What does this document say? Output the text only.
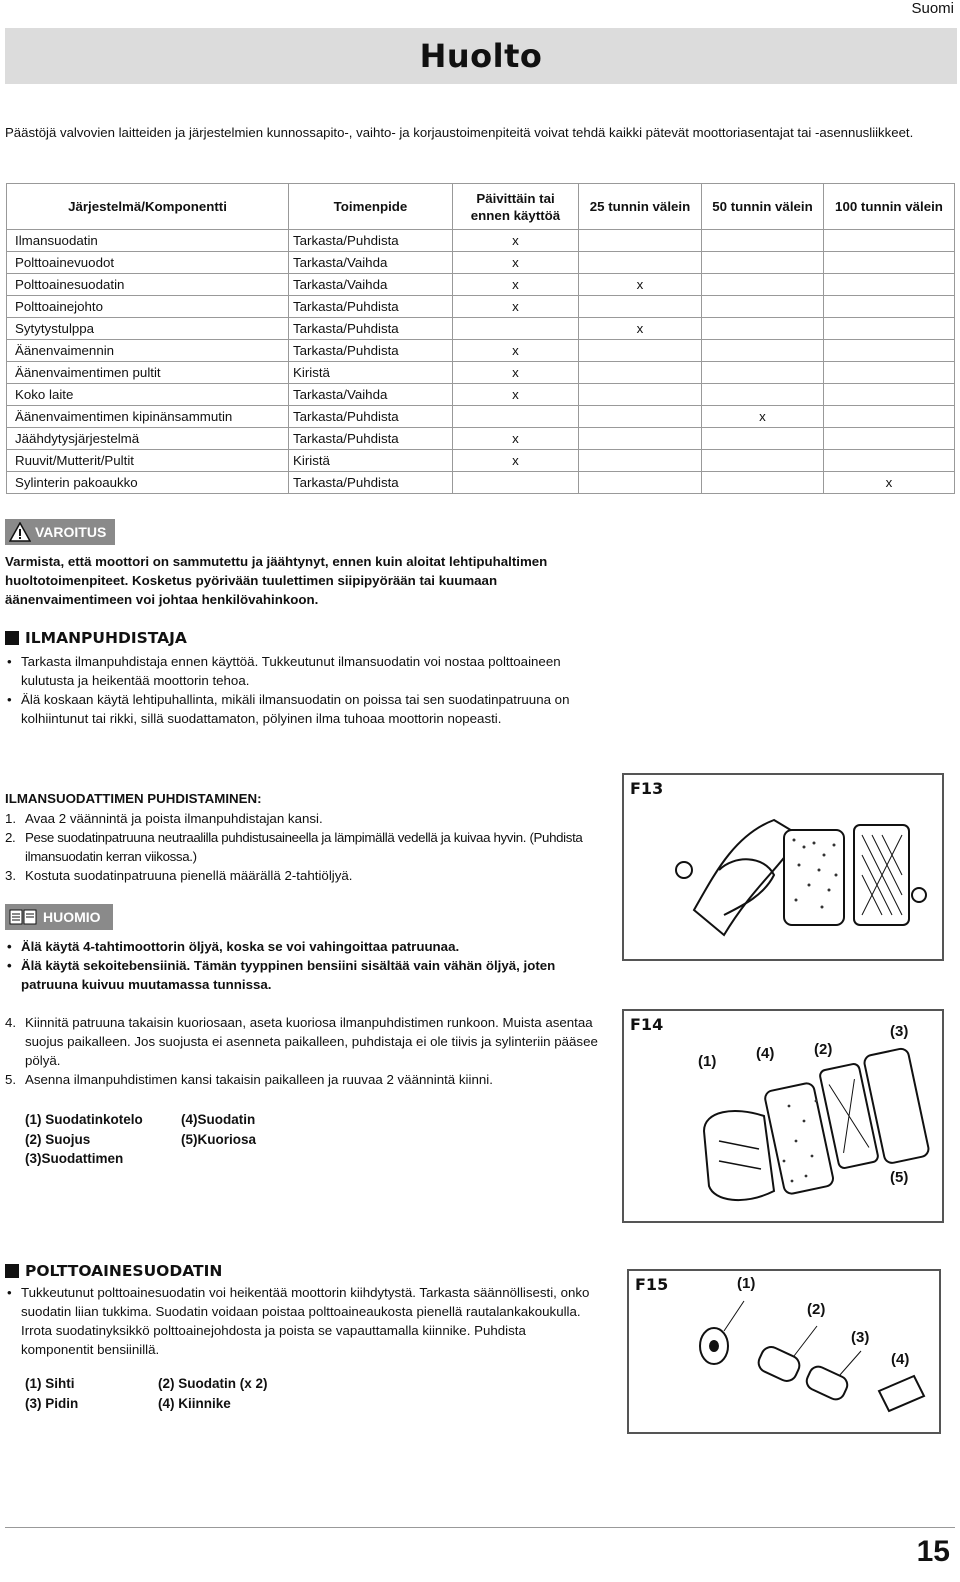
Suomi
Huolto
Päästöjä valvovien laitteiden ja järjestelmien kunnossapito-, vaihto- ja korjaustoimenpiteitä voivat tehdä kaikki pätevät moottoriasentajat tai -asennusliikkeet.
Järjestelmä/Komponentti	Toimenpide	Päivittäin tai ennen käyttöä	25 tunnin välein	50 tunnin välein	100 tunnin välein
Ilmansuodatin	Tarkasta/Puhdista	x			
Polttoainevuodot	Tarkasta/Vaihda	x			
Polttoainesuodatin	Tarkasta/Vaihda	x	x		
Polttoainejohto	Tarkasta/Puhdista	x			
Sytytystulppa	Tarkasta/Puhdista		x		
Äänenvaimennin	Tarkasta/Puhdista	x			
Äänenvaimentimen pultit	Kiristä	x			
Koko laite	Tarkasta/Vaihda	x			
Äänenvaimentimen kipinänsammutin	Tarkasta/Puhdista			x	
Jäähdytysjärjestelmä	Tarkasta/Puhdista	x			
Ruuvit/Mutterit/Pultit	Kiristä	x			
Sylinterin pakoaukko	Tarkasta/Puhdista				x
VAROITUS
Varmista, että moottori on sammutettu ja jäähtynyt, ennen kuin aloitat lehtipuhaltimen huoltotoimenpiteet. Kosketus pyörivään tuulettimen siipipyörään tai kuumaan äänenvaimentimeen voi johtaa henkilövahinkoon.
ILMANPUHDISTAJA
• Tarkasta ilmanpuhdistaja ennen käyttöä. Tukkeutunut ilmansuodatin voi nostaa polttoaineen kulutusta ja heikentää moottorin tehoa.
• Älä koskaan käytä lehtipuhallinta, mikäli ilmansuodatin on poissa tai sen suodatinpatruuna on kolhiintunut tai rikki, sillä suodattamaton, pölyinen ilma tuhoaa moottorin nopeasti.
ILMANSUODATTIMEN PUHDISTAMINEN:
1. Avaa 2 väännintä ja poista ilmanpuhdistajan kansi.
2. Pese suodatinpatruuna neutraalilla puhdistusaineella ja lämpimällä vedellä ja kuivaa hyvin. (Puhdista ilmansuodatin kerran viikossa.)
3. Kostuta suodatinpatruuna pienellä määrällä 2-tahtiöljyä.
HUOMIO
• Älä käytä 4-tahtimoottorin öljyä, koska se voi vahingoittaa patruunaa.
• Älä käytä sekoitebensiiniä. Tämän tyyppinen bensiini sisältää vain vähän öljyä, joten patruuna kuivuu muutamassa tunnissa.
4. Kiinnitä patruuna takaisin kuoriosaan, aseta kuoriosa ilmanpuhdistimen runkoon. Muista asentaa suojus paikalleen. Jos suojusta ei asenneta paikalleen, puhdistaja ei ole tiivis ja sylinteriin pääsee pölyä.
5. Asenna ilmanpuhdistimen kansi takaisin paikalleen ja ruuvaa 2 väännintä kiinni.
(1) Suodatinkotelo	(4)Suodatin
(2) Suojus	(5)Kuoriosa
(3)Suodattimen
F13
F14
(1)	(4)	(2)
(3)
(5)
POLTTOAINESUODATIN
• Tukkeutunut polttoainesuodatin voi heikentää moottorin kiihdytystä. Tarkasta säännöllisesti, onko suodatin liian tukkima. Suodatin voidaan poistaa polttoaineaukosta pienellä rautalankakoukulla. Irrota suodatinyksikkö polttoainejohdosta ja poista se vapauttamalla kiinnike. Puhdista komponentit bensiinillä.
(1) Sihti	(2) Suodatin (x 2)
(3) Pidin	(4) Kiinnike
F15	(1)
(2)
(3)
(4)
15
